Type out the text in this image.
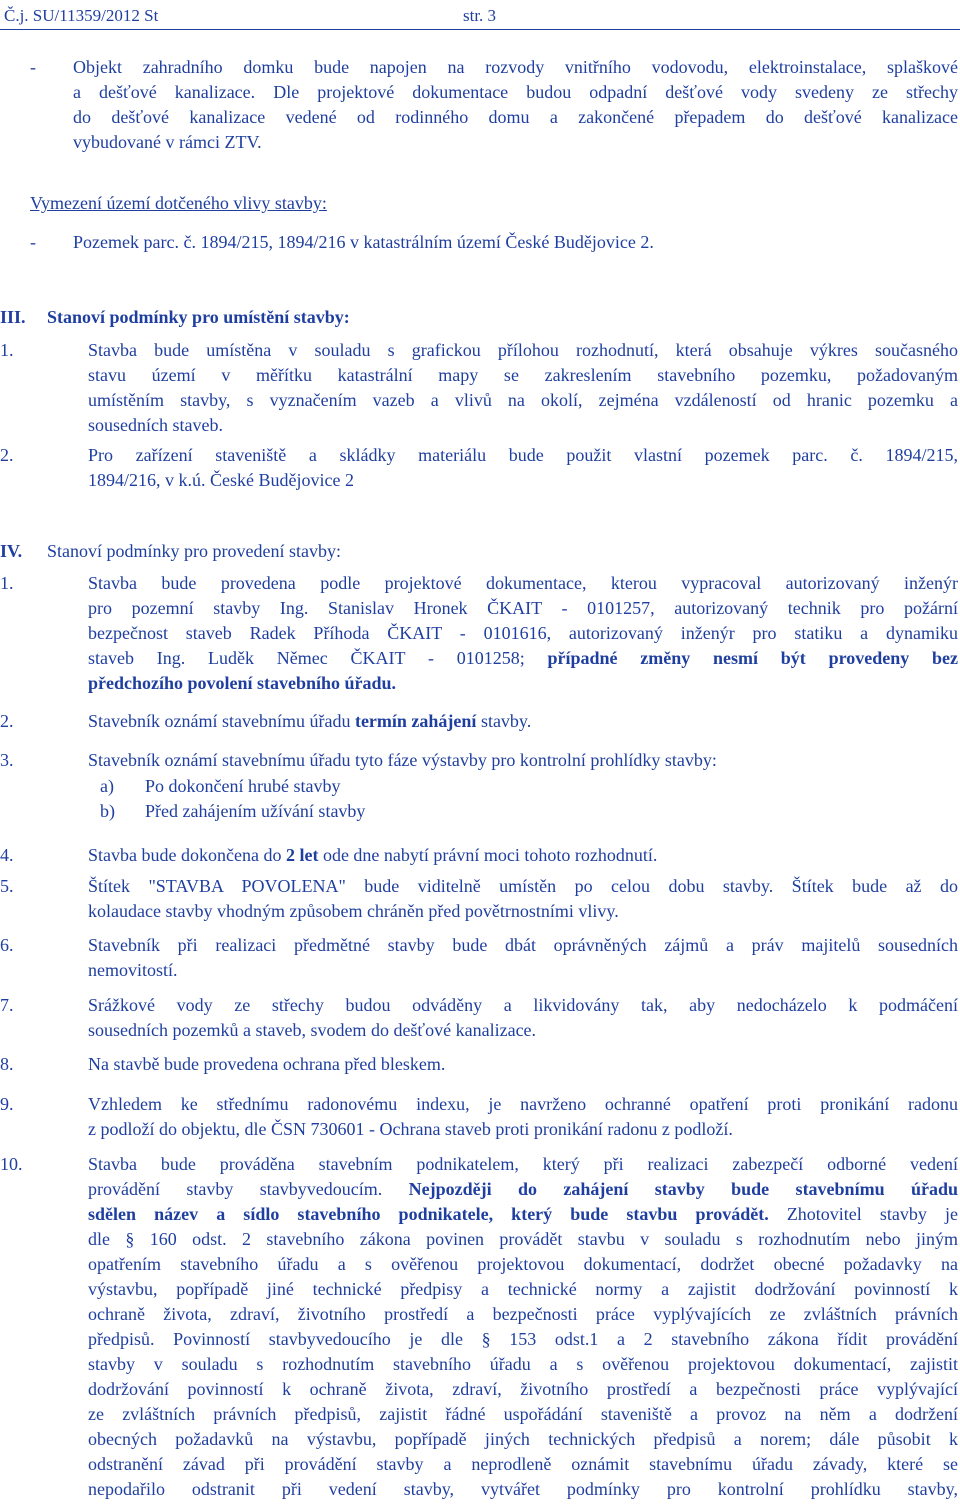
Č.j. SU/11359/2012 St	str. 3
-	Objekt zahradního domku bude napojen na rozvody vnitřního vodovodu, elektroinstalace, splaškové
a dešťové kanalizace. Dle projektové dokumentace budou odpadní dešťové vody svedeny ze střechy
do dešťové kanalizace vedené od rodinného domu a zakončené přepadem do dešťové kanalizace
vybudované v rámci ZTV.
Vymezení území dotčeného vlivy stavby:
-	Pozemek parc. č. 1894/215, 1894/216 v katastrálním území České Budějovice 2.
III. Stanoví podmínky pro umístění stavby:
1.	Stavba bude umístěna v souladu s grafickou přílohou rozhodnutí, která obsahuje výkres současného
stavu území v měřítku katastrální mapy se zakreslením stavebního pozemku, požadovaným
umístěním stavby, s vyznačením vazeb a vlivů na okolí, zejména vzdáleností od hranic pozemku a
sousedních staveb.
2.	Pro zařízení staveniště a skládky materiálu bude použit vlastní pozemek parc. č. 1894/215,
1894/216, v k.ú. České Budějovice 2
IV. Stanoví podmínky pro provedení stavby:
1.	Stavba bude provedena podle projektové dokumentace, kterou vypracoval autorizovaný inženýr
pro pozemní stavby Ing. Stanislav Hronek ČKAIT - 0101257, autorizovaný technik pro požární
bezpečnost staveb Radek Příhoda ČKAIT - 0101616, autorizovaný inženýr pro statiku a dynamiku
staveb Ing. Luděk Němec ČKAIT - 0101258; případné změny nesmí být provedeny bez
předchozího povolení stavebního úřadu.
2.	Stavebník oznámí stavebnímu úřadu termín zahájení stavby.
3.	Stavebník oznámí stavebnímu úřadu tyto fáze výstavby pro kontrolní prohlídky stavby:
a) Po dokončení hrubé stavby
b) Před zahájením užívání stavby
4.	Stavba bude dokončena do 2 let ode dne nabytí právní moci tohoto rozhodnutí.
5.	Štítek "STAVBA POVOLENA" bude viditelně umístěn po celou dobu stavby. Štítek bude až do
kolaudace stavby vhodným způsobem chráněn před povětrnostními vlivy.
6.	Stavebník při realizaci předmětné stavby bude dbát oprávněných zájmů a práv majitelů sousedních
nemovitostí.
7.	Srážkové vody ze střechy budou odváděny a likvidovány tak, aby nedocházelo k podmáčení
sousedních pozemků a staveb, svodem do dešťové kanalizace.
8.	Na stavbě bude provedena ochrana před bleskem.
9.	Vzhledem ke střednímu radonovému indexu, je navrženo ochranné opatření proti pronikání radonu
z podloží do objektu, dle ČSN 730601 - Ochrana staveb proti pronikání radonu z podloží.
10.	Stavba bude prováděna stavebním podnikatelem, který při realizaci zabezpečí odborné vedení
provádění stavby stavbyvedoucím. Nejpozději do zahájení stavby bude stavebnímu úřadu
sdělen název a sídlo stavebního podnikatele, který bude stavbu provádět. Zhotovitel stavby je
dle § 160 odst. 2 stavebního zákona povinen provádět stavbu v souladu s rozhodnutím nebo jiným
opatřením stavebního úřadu a s ověřenou projektovou dokumentací, dodržet obecné požadavky na
výstavbu, popřípadě jiné technické předpisy a technické normy a zajistit dodržování povinností k
ochraně života, zdraví, životního prostředí a bezpečnosti práce vyplývajících ze zvláštních právních
předpisů. Povinností stavbyvedoucího je dle § 153 odst.1 a 2 stavebního zákona řídit provádění
stavby v souladu s rozhodnutím stavebního úřadu a s ověřenou projektovou dokumentací, zajistit
dodržování povinností k ochraně života, zdraví, životního prostředí a bezpečnosti práce vyplývající
ze zvláštních právních předpisů, zajistit řádné uspořádání staveniště a provoz na něm a dodržení
obecných požadavků na výstavbu, popřípadě jiných technických předpisů a norem; dále působit k
odstranění závad při provádění stavby a neprodleně oznámit stavebnímu úřadu závady, které se
nepodařilo odstranit při vedení stavby, vytvářet podmínky pro kontrolní prohlídku stavby,
